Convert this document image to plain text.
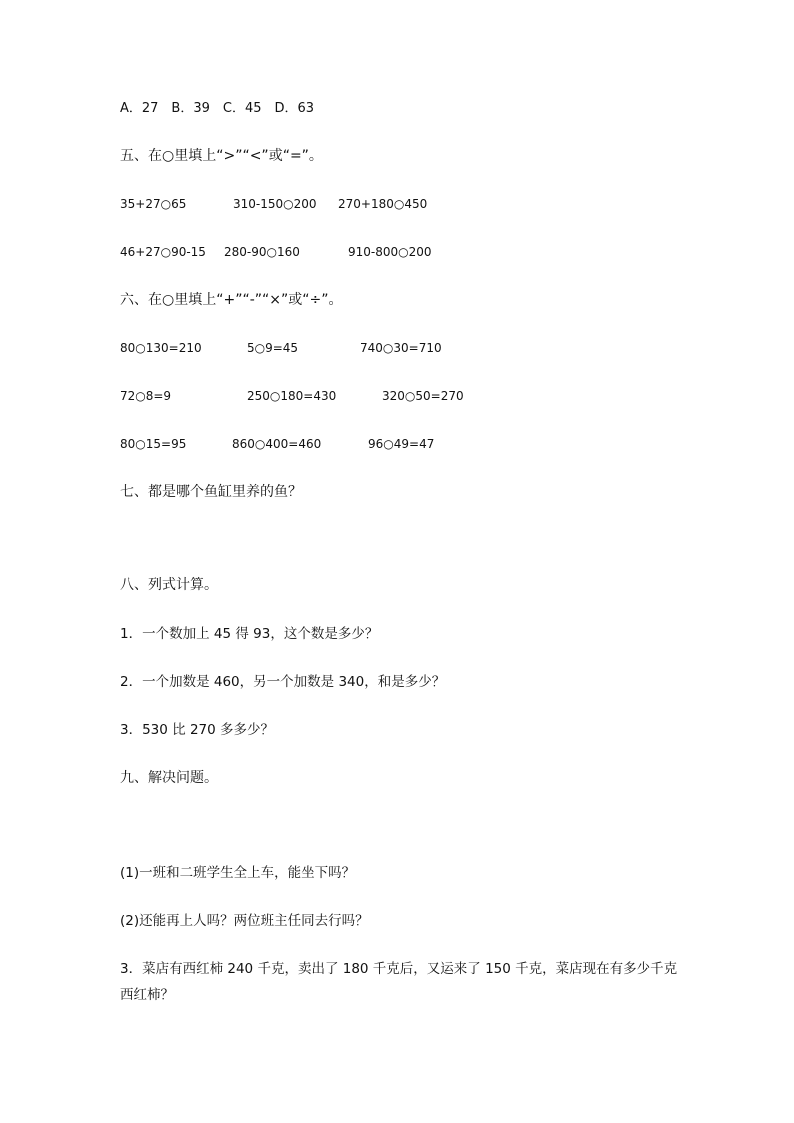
A．27　B．39　C．45　D．63
五、在○里填上“>”“<”或“=”。
35+27○65	310-150○200 270+180○450
46+27○90-15 280-90○160	910-800○200
六、在○里填上“+”“-”“×”或“÷”。
80○130=210	5○9=45	740○30=710
72○8=9	250○180=430	320○50=270
80○15=95	860○400=460	96○49=47
七、都是哪个鱼缸里养的鱼？
八、列式计算。
1．一个数加上 45 得 93，这个数是多少？
2．一个加数是 460，另一个加数是 340，和是多少？
3．530 比 270 多多少？
九、解决问题。
(1)一班和二班学生全上车，能坐下吗？
(2)还能再上人吗？两位班主任同去行吗？
3．菜店有西红柿 240 千克，卖出了 180 千克后，又运来了 150 千克，菜店现在有多少千克
西红柿？
